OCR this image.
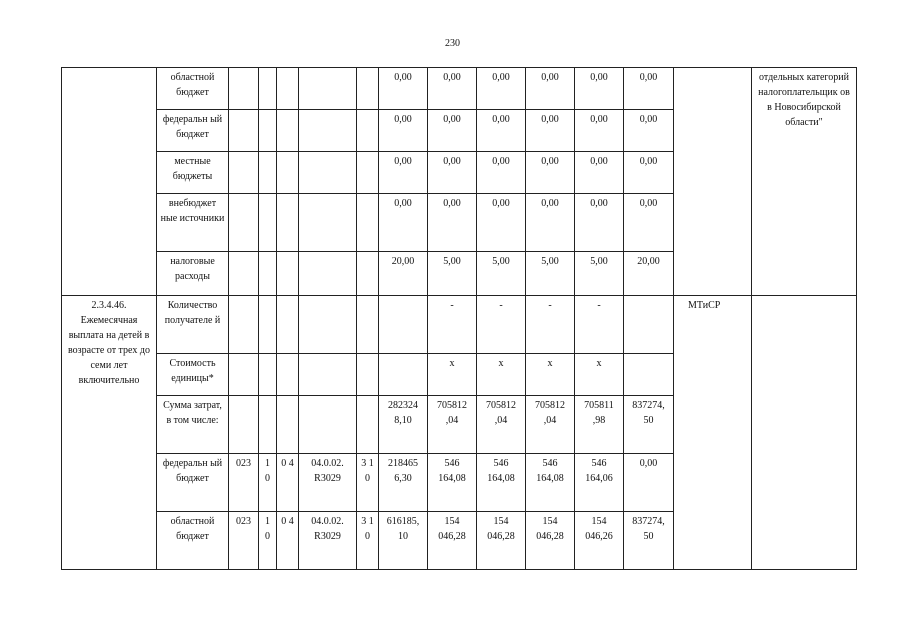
230
	областной бюджет						0,00	0,00	0,00	0,00	0,00	0,00		отдельных категорий налогоплательщик ов в Новосибирской области"
	федеральн ый бюджет						0,00	0,00	0,00	0,00	0,00	0,00		
	местные бюджеты						0,00	0,00	0,00	0,00	0,00	0,00		
	внебюджет ные источники						0,00	0,00	0,00	0,00	0,00	0,00		
	налоговые расходы						20,00	5,00	5,00	5,00	5,00	20,00		
2.3.4.46. Ежемесячная выплата на детей в возрасте от трех до семи лет включительно	Количество получателе й							-	-	-	-		МТиСР	
	Стоимость единицы*							x	x	x	x			
	Сумма затрат, в том числе:						282324 8,10	705812 ,04	705812 ,04	705812 ,04	705811 ,98	837274, 50		
	федеральн ый бюджет	023	1 0	0 4	04.0.02. R3029	3 1 0	218465 6,30	546 164,08	546 164,08	546 164,08	546 164,06	0,00		
	областной бюджет	023	1 0	0 4	04.0.02. R3029	3 1 0	616185, 10	154 046,28	154 046,28	154 046,28	154 046,26	837274, 50		
